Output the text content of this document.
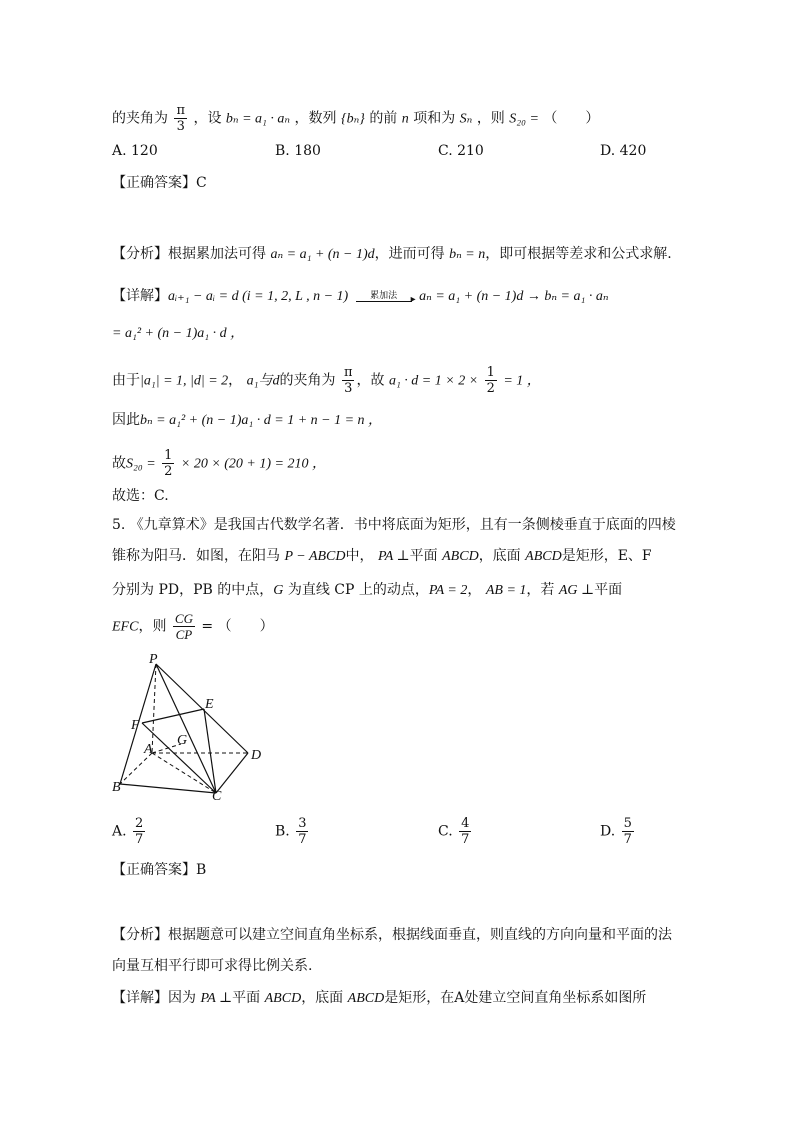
的夹角为 $\frac{\pi}{3}$ ，设 bₙ = a₁ · aₙ ，数列 {bₙ} 的前 n 项和为 Sₙ ，则 S₂₀ = （　　）
A. 120	B. 180	C. 210	D. 420
【正确答案】C
【分析】根据累加法可得 aₙ = a₁ + (n − 1)d，进而可得 bₙ = n，即可根据等差求和公式求解.
【详解】aᵢ₊₁ − aᵢ = d (i = 1, 2, L , n − 1) 累加法
▸ aₙ = a₁ + (n − 1)d → bₙ = a₁ · aₙ
= a₁² + (n − 1)a₁ · d ，
由于|a₁| = 1, |d| = 2， a₁与d的夹角为 $\frac{\pi}{3}$ ，故 $a_1 \cdot d = 1 \times 2 \times \frac{1}{2} = 1$ ，
因此bₙ = a₁² + (n − 1)a₁ · d = 1 + n − 1 = n ，
故$S_{20} = \frac{1}{2} \times 20 \times (20 + 1) = 210$ ，
故选：C.
5. 《九章算术》是我国古代数学名著．书中将底面为矩形，且有一条侧棱垂直于底面的四棱
锥称为阳马．如图，在阳马 P − ABCD中， PA ⊥平面 ABCD，底面 ABCD是矩形，E、F
分别为 PD，PB 的中点，G 为直线 CP 上的动点，PA = 2， AB = 1，若 AG ⊥平面
EFC，则 $\frac{CG}{CP}$ = （　　）
P
E
F
A
G
D
B
C
A. $\frac{2}{7}$	B. $\frac{3}{7}$	C. $\frac{4}{7}$	D. $\frac{5}{7}$
【正确答案】B
【分析】根据题意可以建立空间直角坐标系，根据线面垂直，则直线的方向向量和平面的法
向量互相平行即可求得比例关系.
【详解】因为 PA ⊥平面 ABCD，底面 ABCD是矩形，在A处建立空间直角坐标系如图所
